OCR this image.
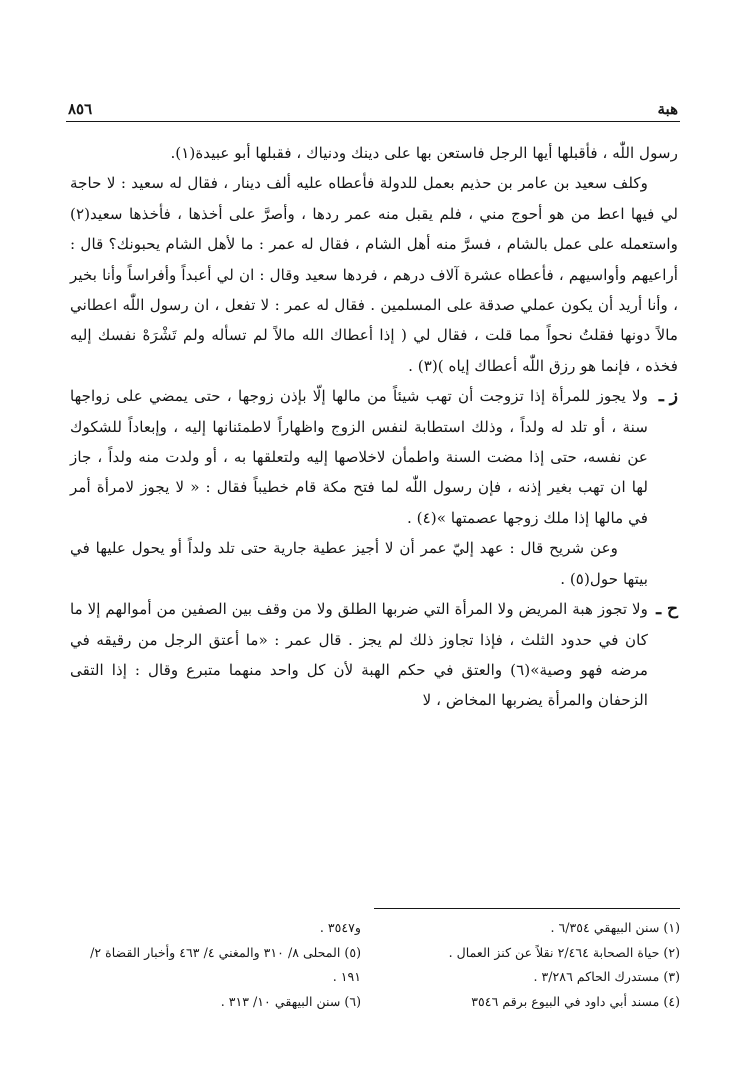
٨٥٦	هبة

رسول اللّٰه ، فأقبلها أيها الرجل فاستعن بها على دينك ودنياك ، فقبلها أبو عبيدة(١).

وكلف سعيد بن عامر بن حذيم بعمل للدولة فأعطاه عليه ألف دينار ، فقال له سعيد : لا حاجة لي فيها اعط من هو أحوج مني ، فلم يقبل منه عمر ردها ، وأصرَّ على أخذها ، فأخذها سعيد(٢) واستعمله على عمل بالشام ، فسرَّ منه أهل الشام ، فقال له عمر : ما لأهل الشام يحبونك؟ قال : أراعيهم وأواسيهم ، فأعطاه عشرة آلاف درهم ، فردها سعيد وقال : ان لي أعبداً وأفراساً وأنا بخير ، وأنا أريد أن يكون عملي صدقة على المسلمين . فقال له عمر : لا تفعل ، ان رسول اللّٰه اعطاني مالاً دونها فقلتُ نحواً مما قلت ، فقال لي ( إذا أعطاك الله مالاً لم تسأله ولم تَشْرَهْ نفسك إليه فخذه ، فإنما هو رزق اللّٰه أعطاك إياه )(٣) .

ز ـ

ولا يجوز للمرأة إذا تزوجت أن تهب شيئاً من مالها إلّا بإذن زوجها ، حتى يمضي على زواجها سنة ، أو تلد له ولداً ، وذلك استطابة لنفس الزوج واظهاراً لاطمئنانها إليه ، وإبعاداً للشكوك عن نفسه، حتى إذا مضت السنة واطمأن لاخلاصها إليه ولتعلقها به ، أو ولدت منه ولداً ، جاز لها ان تهب بغير إذنه ، فإن رسول اللّٰه لما فتح مكة قام خطيباً فقال : « لا يجوز لامرأة أمر في مالها إذا ملك زوجها عصمتها »(٤) .

وعن شريح قال : عهد إليّ عمر أن لا أجيز عطية جارية حتى تلد ولداً أو يحول عليها في بيتها حول(٥) .

ح ـ

ولا تجوز هبة المريض ولا المرأة التي ضربها الطلق ولا من وقف بين الصفين من أموالهم إلا ما كان في حدود الثلث ، فإذا تجاوز ذلك لم يجز . قال عمر : «ما أعتق الرجل من رقيقه في مرضه فهو وصية»(٦) والعتق في حكم الهبة لأن كل واحد منهما متبرع وقال : إذا التقى الزحفان والمرأة يضربها المخاض ، لا

(١) سنن البيهقي ٦/٣٥٤ .

(٢) حياة الصحابة ٢/٤٦٤ نقلاً عن كنز العمال .

(٣) مستدرك الحاكم ٣/٢٨٦ .

(٤) مسند أبي داود في البيوع برقم ٣٥٤٦

و٣٥٤٧ .

(٥) المحلى ٨/ ٣١٠ والمغني ٤/ ٤٦٣ وأخبار القضاة ٢/ ١٩١ .

(٦) سنن البيهقي ١٠/ ٣١٣ .
